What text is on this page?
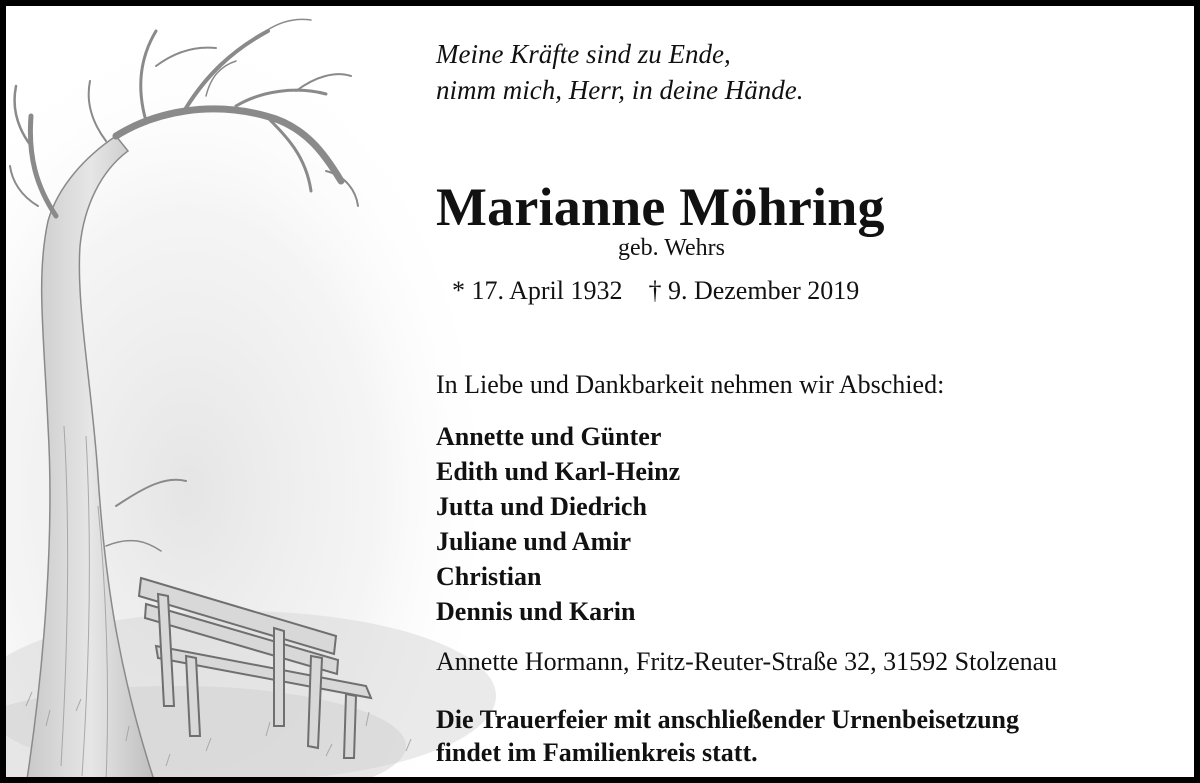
Meine Kräfte sind zu Ende,
nimm mich, Herr, in deine Hände.
Marianne Möhring
geb. Wehrs
* 17. April 1932 † 9. Dezember 2019
In Liebe und Dankbarkeit nehmen wir Abschied:
Annette und Günter
Edith und Karl-Heinz
Jutta und Diedrich
Juliane und Amir
Christian
Dennis und Karin
Annette Hormann, Fritz-Reuter-Straße 32, 31592 Stolzenau
Die Trauerfeier mit anschließender Urnenbeisetzung
findet im Familienkreis statt.
